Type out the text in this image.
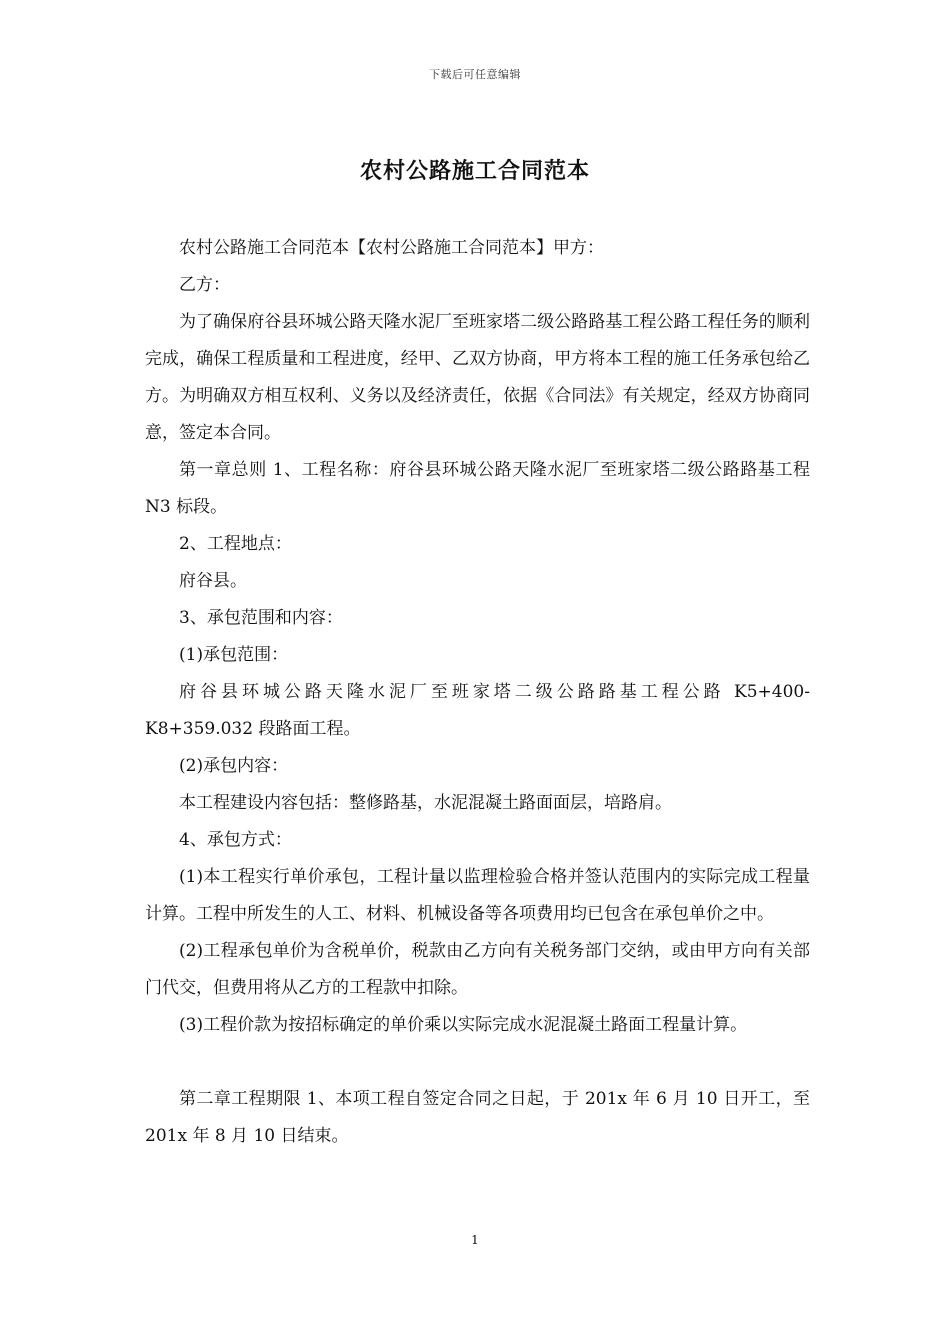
下载后可任意编辑
农村公路施工合同范本

农村公路施工合同范本【农村公路施工合同范本】甲方：

乙方：

为了确保府谷县环城公路天隆水泥厂至班家塔二级公路路基工程公路工程任务的顺利完成，确保工程质量和工程进度，经甲、乙双方协商，甲方将本工程的施工任务承包给乙方。为明确双方相互权利、义务以及经济责任，依据《合同法》有关规定，经双方协商同意，签定本合同。

第一章总则 1、工程名称：府谷县环城公路天隆水泥厂至班家塔二级公路路基工程 N3 标段。

2、工程地点：

府谷县。

3、承包范围和内容：

(1)承包范围：

府谷县环城公路天隆水泥厂至班家塔二级公路路基工程公路 K5+400-K8+359.032 段路面工程。

(2)承包内容：

本工程建设内容包括：整修路基，水泥混凝土路面面层，培路肩。

4、承包方式：

(1)本工程实行单价承包，工程计量以监理检验合格并签认范围内的实际完成工程量计算。工程中所发生的人工、材料、机械设备等各项费用均已包含在承包单价之中。

(2)工程承包单价为含税单价，税款由乙方向有关税务部门交纳，或由甲方向有关部门代交，但费用将从乙方的工程款中扣除。

(3)工程价款为按招标确定的单价乘以实际完成水泥混凝土路面工程量计算。

第二章工程期限 1、本项工程自签定合同之日起，于 201x 年 6 月 10 日开工，至 201x 年 8 月 10 日结束。

1
